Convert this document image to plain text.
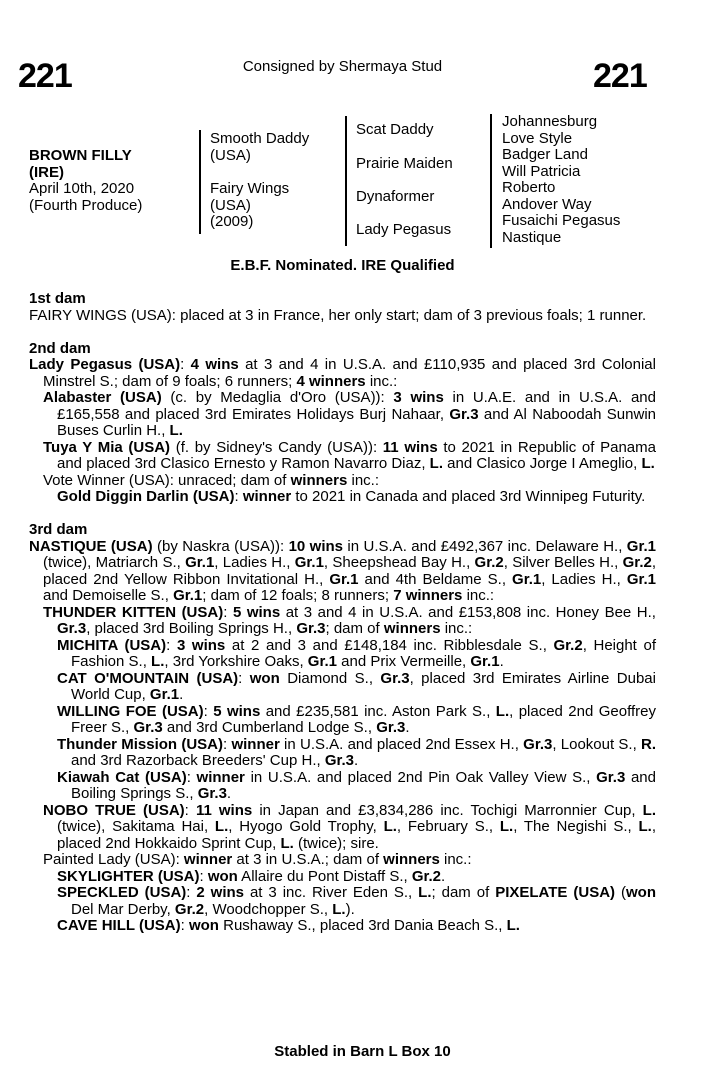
221	Consigned by Shermaya Stud	221
BROWN FILLY
(IRE)
April 10th, 2020
(Fourth Produce)
Smooth Daddy
(USA)
Fairy Wings
(USA)
(2009)
Scat Daddy
Prairie Maiden
Dynaformer
Lady Pegasus
Johannesburg
Love Style
Badger Land
Will Patricia
Roberto
Andover Way
Fusaichi Pegasus
Nastique
E.B.F. Nominated. IRE Qualified
1st dam
FAIRY WINGS (USA): placed at 3 in France, her only start; dam of 3 previous foals; 1 runner.
2nd dam
Lady Pegasus (USA): 4 wins at 3 and 4 in U.S.A. and £110,935 and placed 3rd Colonial Minstrel S.; dam of 9 foals; 6 runners; 4 winners inc.:
Alabaster (USA) (c. by Medaglia d'Oro (USA)): 3 wins in U.A.E. and in U.S.A. and £165,558 and placed 3rd Emirates Holidays Burj Nahaar, Gr.3 and Al Naboodah Sunwin Buses Curlin H., L.
Tuya Y Mia (USA) (f. by Sidney's Candy (USA)): 11 wins to 2021 in Republic of Panama and placed 3rd Clasico Ernesto y Ramon Navarro Diaz, L. and Clasico Jorge I Ameglio, L.
Vote Winner (USA): unraced; dam of winners inc.:
Gold Diggin Darlin (USA): winner to 2021 in Canada and placed 3rd Winnipeg Futurity.
3rd dam
NASTIQUE (USA) (by Naskra (USA)): 10 wins in U.S.A. and £492,367 inc. Delaware H., Gr.1 (twice), Matriarch S., Gr.1, Ladies H., Gr.1, Sheepshead Bay H., Gr.2, Silver Belles H., Gr.2, placed 2nd Yellow Ribbon Invitational H., Gr.1 and 4th Beldame S., Gr.1, Ladies H., Gr.1 and Demoiselle S., Gr.1; dam of 12 foals; 8 runners; 7 winners inc.:
THUNDER KITTEN (USA): 5 wins at 3 and 4 in U.S.A. and £153,808 inc. Honey Bee H., Gr.3, placed 3rd Boiling Springs H., Gr.3; dam of winners inc.:
MICHITA (USA): 3 wins at 2 and 3 and £148,184 inc. Ribblesdale S., Gr.2, Height of Fashion S., L., 3rd Yorkshire Oaks, Gr.1 and Prix Vermeille, Gr.1.
CAT O'MOUNTAIN (USA): won Diamond S., Gr.3, placed 3rd Emirates Airline Dubai World Cup, Gr.1.
WILLING FOE (USA): 5 wins and £235,581 inc. Aston Park S., L., placed 2nd Geoffrey Freer S., Gr.3 and 3rd Cumberland Lodge S., Gr.3.
Thunder Mission (USA): winner in U.S.A. and placed 2nd Essex H., Gr.3, Lookout S., R. and 3rd Razorback Breeders' Cup H., Gr.3.
Kiawah Cat (USA): winner in U.S.A. and placed 2nd Pin Oak Valley View S., Gr.3 and Boiling Springs S., Gr.3.
NOBO TRUE (USA): 11 wins in Japan and £3,834,286 inc. Tochigi Marronnier Cup, L. (twice), Sakitama Hai, L., Hyogo Gold Trophy, L., February S., L., The Negishi S., L., placed 2nd Hokkaido Sprint Cup, L. (twice); sire.
Painted Lady (USA): winner at 3 in U.S.A.; dam of winners inc.:
SKYLIGHTER (USA): won Allaire du Pont Distaff S., Gr.2.
SPECKLED (USA): 2 wins at 3 inc. River Eden S., L.; dam of PIXELATE (USA) (won Del Mar Derby, Gr.2, Woodchopper S., L.).
CAVE HILL (USA): won Rushaway S., placed 3rd Dania Beach S., L.
Stabled in Barn L Box 10
